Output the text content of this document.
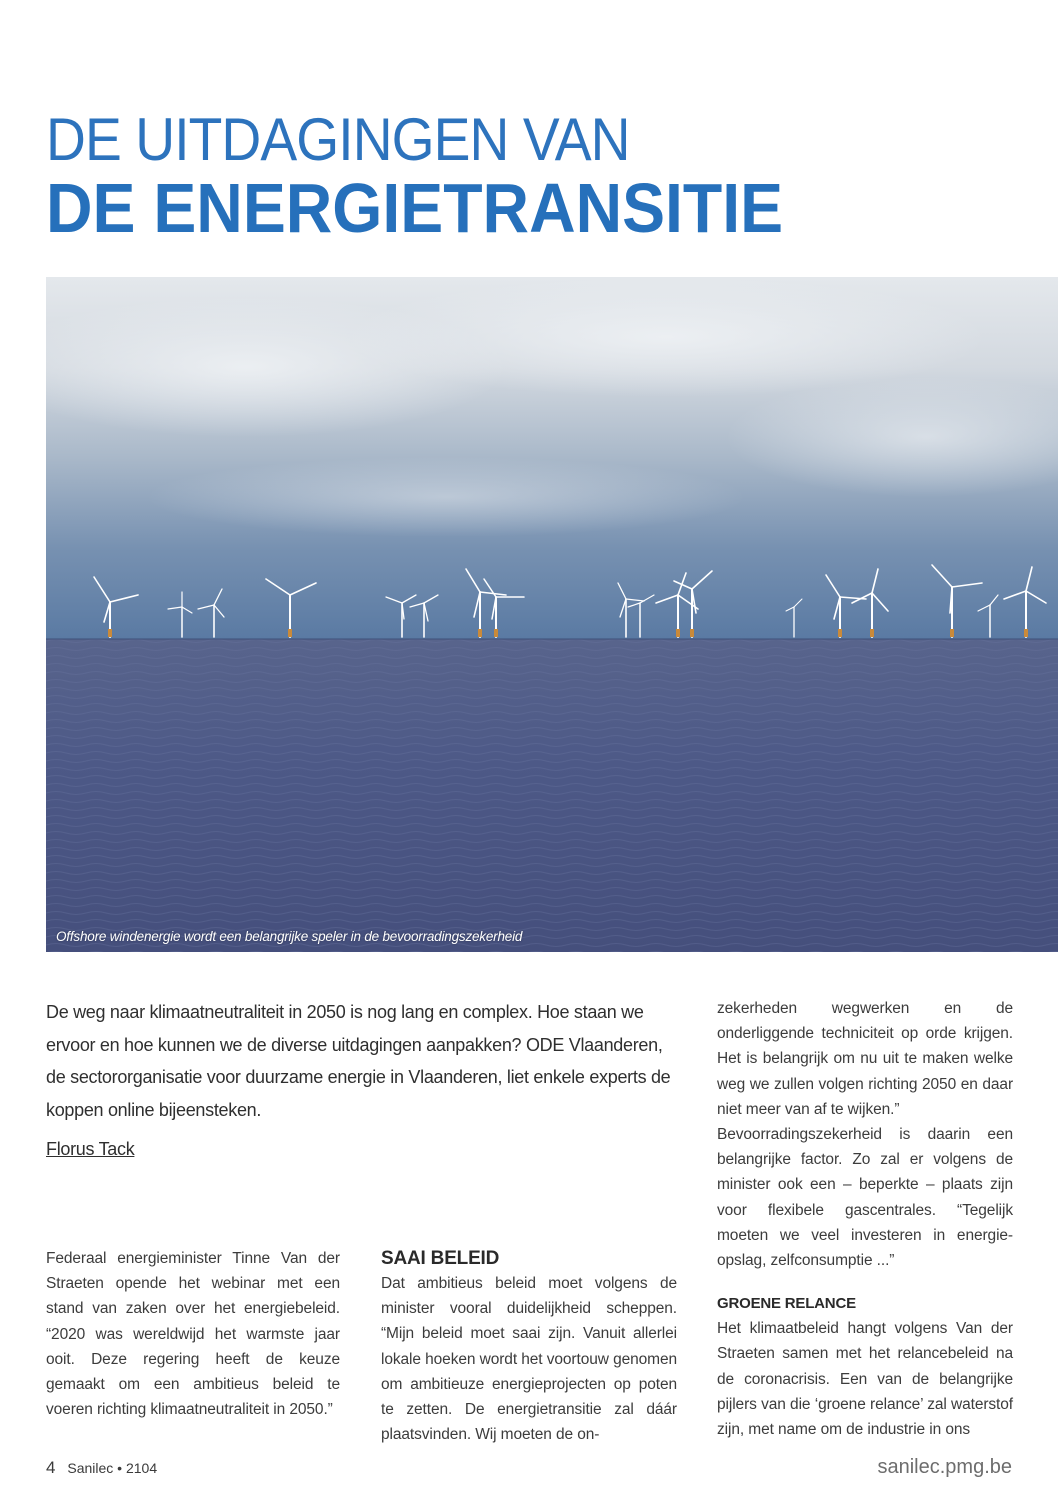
DE UITDAGINGEN VAN
DE ENERGIETRANSITIE
Offshore windenergie wordt een belangrijke speler in de bevoorradingszekerheid

De weg naar klimaatneutraliteit in 2050 is nog lang en complex. Hoe staan we ervoor en hoe kunnen we de diverse uitdagingen aanpakken? ODE Vlaanderen, de sectororganisatie voor duurzame energie in Vlaanderen, liet enkele experts de koppen online bijeensteken.

Florus Tack

Federaal energieminister Tinne Van der Straeten opende het webinar met een stand van zaken over het energiebeleid. “2020 was wereldwijd het warmste jaar ooit. Deze regering heeft de keuze gemaakt om een ambitieus beleid te voeren richting klimaatneutraliteit in 2050.”

SAAI BELEID

Dat ambitieus beleid moet volgens de minister vooral duidelijkheid scheppen. “Mijn beleid moet saai zijn. Vanuit allerlei lokale hoeken wordt het voortouw genomen om ambitieuze energieprojecten op poten te zetten. De energietransitie zal dáár plaatsvinden. Wij moeten de on-

zekerheden wegwerken en de onderliggende techniciteit op orde krijgen. Het is belangrijk om nu uit te maken welke weg we zullen volgen richting 2050 en daar niet meer van af te wijken.”

Bevoorradingszekerheid is daarin een belangrijke factor. Zo zal er volgens de minister ook een – beperkte – plaats zijn voor flexibele gascentrales. “Tegelijk moeten we veel investeren in energie-opslag, zelfconsumptie ...”

GROENE RELANCE

Het klimaatbeleid hangt volgens Van der Straeten samen met het relancebeleid na de coronacrisis. Een van de belangrijke pijlers van die ‘groene relance’ zal waterstof zijn, met name om de industrie in ons

4 Sanilec • 2104	sanilec.pmg.be
